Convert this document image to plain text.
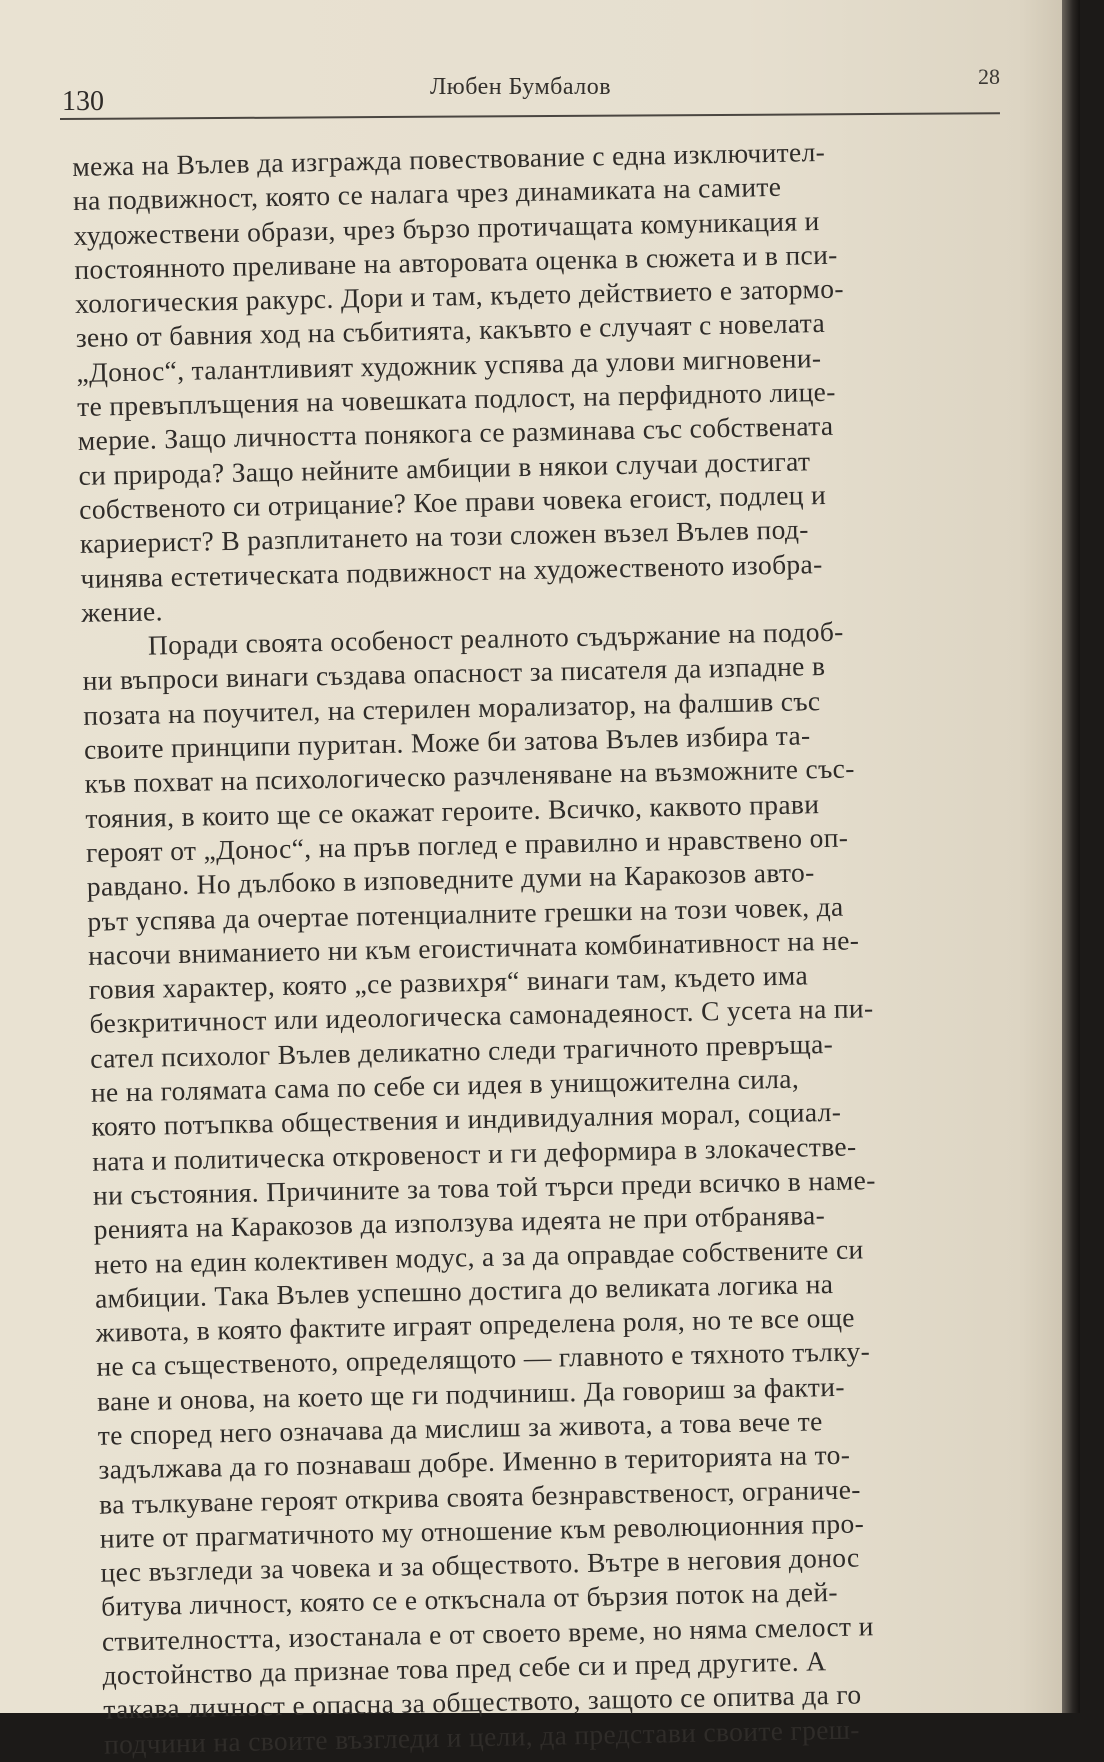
130	Любен Бумбалов	28
межа на Вълев да изгражда повествование с една изключител-
на подвижност, която се налага чрез динамиката на самите
художествени образи, чрез бързо протичащата комуникация и
постоянното преливане на авторовата оценка в сюжета и в пси-
хологическия ракурс. Дори и там, където действието е затормо-
зено от бавния ход на събитията, какъвто е случаят с новелата
„Донос“, талантливият художник успява да улови мигновени-
те превъплъщения на човешката подлост, на перфидното лице-
мерие. Защо личността понякога се разминава със собствената
си природа? Защо нейните амбиции в някои случаи достигат
собственото си отрицание? Кое прави човека егоист, подлец и
кариерист? В разплитането на този сложен възел Вълев под-
чинява естетическата подвижност на художественото изобра-
жение.
Поради своята особеност реалното съдържание на подоб-
ни въпроси винаги създава опасност за писателя да изпадне в
позата на поучител, на стерилен морализатор, на фалшив със
своите принципи пуритан. Може би затова Вълев избира та-
къв похват на психологическо разчленяване на възможните със-
тояния, в които ще се окажат героите. Всичко, каквото прави
героят от „Донос“, на пръв поглед е правилно и нравствено оп-
равдано. Но дълбоко в изповедните думи на Каракозов авто-
рът успява да очертае потенциалните грешки на този човек, да
насочи вниманието ни към егоистичната комбинативност на не-
говия характер, която „се развихря“ винаги там, където има
безкритичност или идеологическа самонадеяност. С усета на пи-
сател психолог Вълев деликатно следи трагичното превръща-
не на голямата сама по себе си идея в унищожителна сила,
която потъпква обществения и индивидуалния морал, социал-
ната и политическа откровеност и ги деформира в злокачестве-
ни състояния. Причините за това той търси преди всичко в наме-
ренията на Каракозов да използува идеята не при отбранява-
нето на един колективен модус, а за да оправдае собствените си
амбиции. Така Вълев успешно достига до великата логика на
живота, в която фактите играят определена роля, но те все още
не са същественото, определящото — главното е тяхното тълку-
ване и онова, на което ще ги подчиниш. Да говориш за факти-
те според него означава да мислиш за живота, а това вече те
задължава да го познаваш добре. Именно в територията на то-
ва тълкуване героят открива своята безнравственост, ограниче-
ните от прагматичното му отношение към революционния про-
цес възгледи за човека и за обществото. Вътре в неговия донос
битува личност, която се е откъснала от бързия поток на дей-
ствителността, изостанала е от своето време, но няма смелост и
достойнство да признае това пред себе си и пред другите. А
такава личност е опасна за обществото, защото се опитва да го
подчини на своите възгледи и цели, да представи своите греш-
